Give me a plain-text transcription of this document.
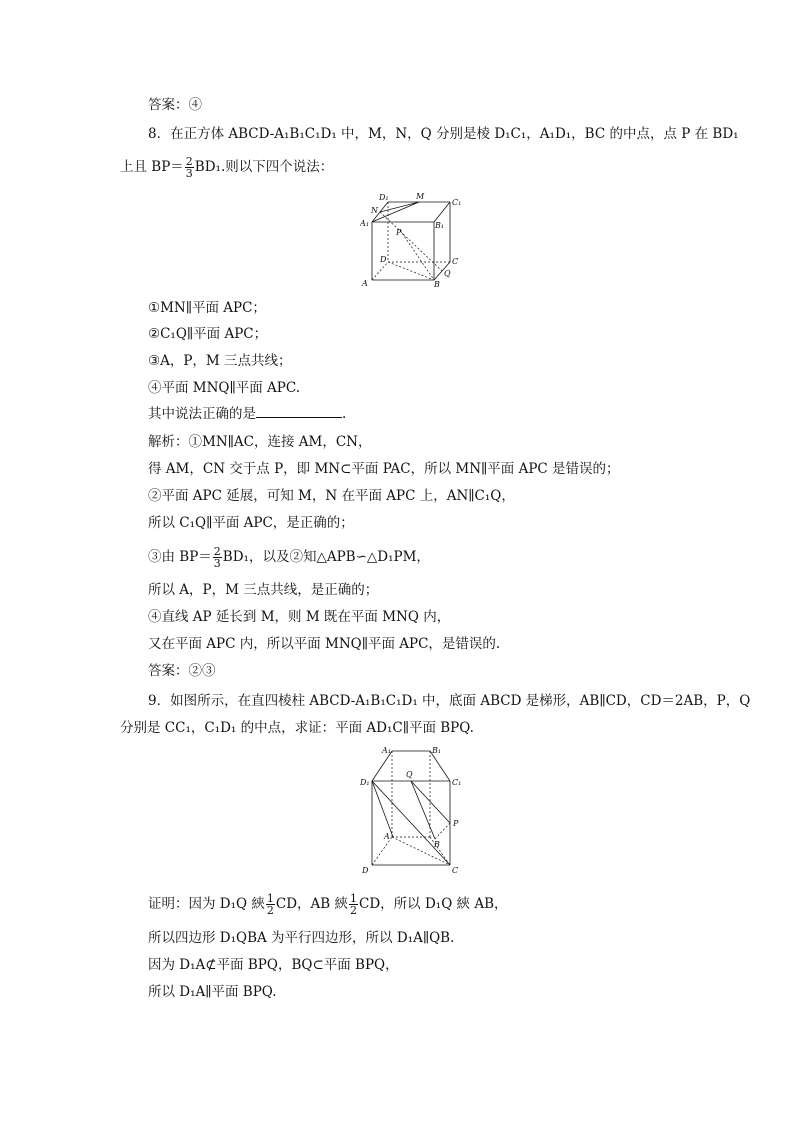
答案：④
8．在正方体 ABCD-A₁B₁C₁D₁ 中，M，N，Q 分别是棱 D₁C₁，A₁D₁，BC 的中点，点 P 在 BD₁
上且 $BP= \frac{2}{3} BD_1$.则以下四个说法：
D₁	M
C₁
N
A₁
P
B₁
D	C
A	B
Q
①MN∥平面 APC；
②C₁Q∥平面 APC；
③A，P，M 三点共线；
④平面 MNQ∥平面 APC.
其中说法正确的是	.
解析：①MN∥AC，连接 AM，CN，
得 AM，CN 交于点 P，即 MN⊂平面 PAC，所以 MN∥平面 APC 是错误的；
②平面 APC 延展，可知 M，N 在平面 APC 上，AN∥C₁Q，
所以 C₁Q∥平面 APC，是正确的；
③由 $BP= \frac{2}{3} BD_1$，以及②知△APB∽△D₁PM，
所以 A，P，M 三点共线，是正确的；
④直线 AP 延长到 M，则 M 既在平面 MNQ 内，
又在平面 APC 内，所以平面 MNQ∥平面 APC，是错误的.
答案：②③
9．如图所示，在直四棱柱 ABCD-A₁B₁C₁D₁ 中，底面 ABCD 是梯形，AB∥CD，CD＝2AB，P，Q
分别是 CC₁，C₁D₁ 的中点，求证：平面 AD₁C∥平面 BPQ.
A₁	B₁
D₁
Q
C₁
P
A
B
D	C
证明：因为 D₁Q 綊 $\frac{1}{2}$ CD，AB 綊 $\frac{1}{2}$ CD，所以 D₁Q 綊 AB，
所以四边形 D₁QBA 为平行四边形，所以 D₁A∥QB.
因为 D₁A⊄平面 BPQ，BQ⊂平面 BPQ，
所以 D₁A∥平面 BPQ.
